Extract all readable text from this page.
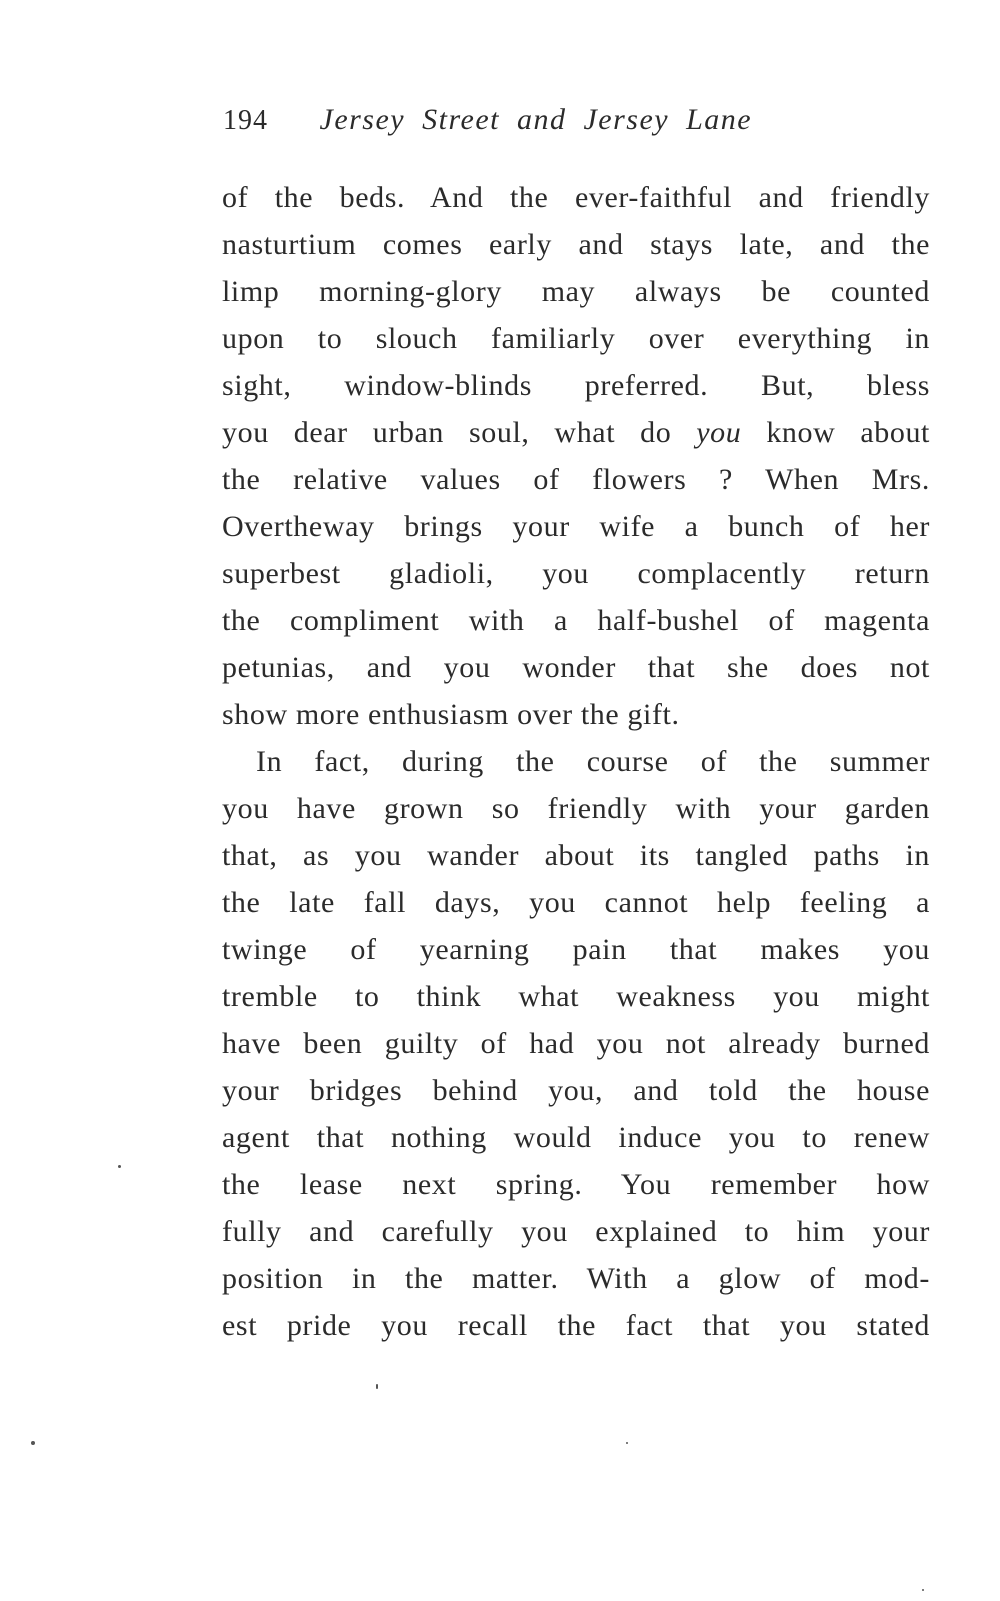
194 Jersey Street and Jersey Lane
of the beds. And the ever-faithful and friendly
nasturtium comes early and stays late, and the
limp morning-glory may always be counted
upon to slouch familiarly over everything in
sight, window-blinds preferred. But, bless
you dear urban soul, what do you know about
the relative values of flowers ? When Mrs.
Overtheway brings your wife a bunch of her
superbest gladioli, you complacently return
the compliment with a half-bushel of magenta
petunias, and you wonder that she does not
show more enthusiasm over the gift.
In fact, during the course of the summer
you have grown so friendly with your garden
that, as you wander about its tangled paths in
the late fall days, you cannot help feeling a
twinge of yearning pain that makes you
tremble to think what weakness you might
have been guilty of had you not already burned
your bridges behind you, and told the house
agent that nothing would induce you to renew
the lease next spring. You remember how
fully and carefully you explained to him your
position in the matter. With a glow of mod-
est pride you recall the fact that you stated
